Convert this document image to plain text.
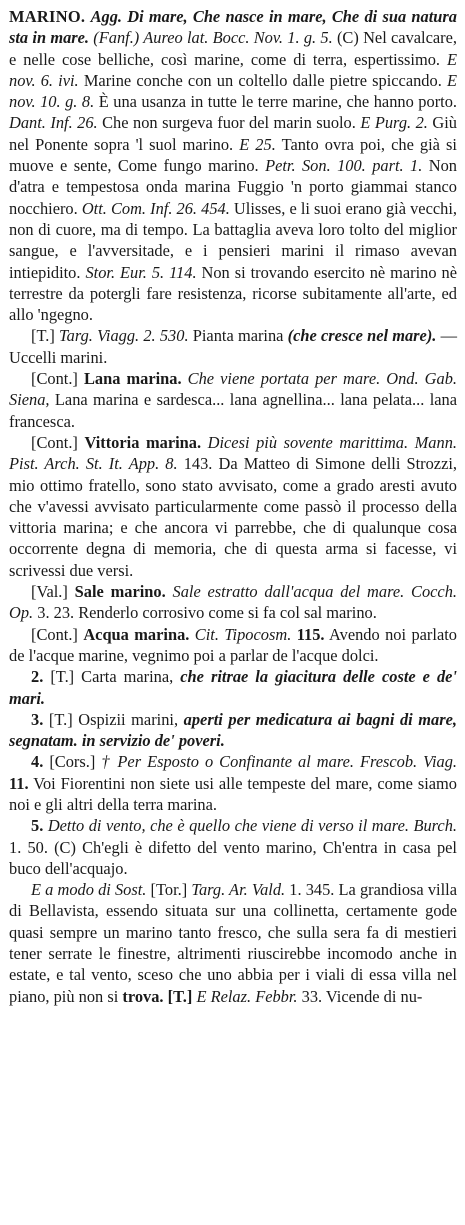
MARINO. Agg. Di mare, Che nasce in mare, Che di sua natura sta in mare. (Fanf.) Aureo lat. Bocc. Nov. 1. g. 5. (C) Nel cavalcare, e nelle cose belliche, così marine, come di terra, espertissimo. E nov. 6. ivi. Marine conche con un coltello dalle pietre spiccando. E nov. 10. g. 8. È una usanza in tutte le terre marine, che hanno porto. Dant. Inf. 26. Che non surgeva fuor del marin suolo. E Purg. 2. Giù nel Ponente sopra 'l suol marino. E 25. Tanto ovra poi, che già si muove e sente, Come fungo marino. Petr. Son. 100. part. 1. Non d'atra e tempestosa onda marina Fuggio 'n porto giammai stanco nocchiero. Ott. Com. Inf. 26. 454. Ulisses, e li suoi erano già vecchi, non di cuore, ma di tempo. La battaglia aveva loro tolto del miglior sangue, e l'avversitade, e i pensieri marini il rimaso avevan intiepidito. Stor. Eur. 5. 114. Non si trovando esercito nè marino nè terrestre da potergli fare resistenza, ricorse subitamente all'arte, ed allo 'ngegno.

[T.] Targ. Viagg. 2. 530. Pianta marina (che cresce nel mare). — Uccelli marini.

[Cont.] Lana marina. Che viene portata per mare. Ond. Gab. Siena, Lana marina e sardesca... lana agnellina... lana pelata... lana francesca.

[Cont.] Vittoria marina. Dicesi più sovente marittima. Mann. Pist. Arch. St. It. App. 8. 143. Da Matteo di Simone delli Strozzi, mio ottimo fratello, sono stato avvisato, come a grado aresti avuto che v'avessi avvisato particularmente come passò il processo della vittoria marina; e che ancora vi parrebbe, che di qualunque cosa occorrente degna di memoria, che di questa arma si facesse, vi scrivessi due versi.

[Val.] Sale marino. Sale estratto dall'acqua del mare. Cocch. Op. 3. 23. Renderlo corrosivo come si fa col sal marino.

[Cont.] Acqua marina. Cit. Tipocosm. 115. Avendo noi parlato de l'acque marine, vegnimo poi a parlar de l'acque dolci.

2. [T.] Carta marina, che ritrae la giacitura delle coste e de' mari.

3. [T.] Ospizii marini, aperti per medicatura ai bagni di mare, segnatam. in servizio de' poveri.

4. [Cors.] † Per Esposto o Confinante al mare. Frescob. Viag. 11. Voi Fiorentini non siete usi alle tempeste del mare, come siamo noi e gli altri della terra marina.

5. Detto di vento, che è quello che viene di verso il mare. Burch. 1. 50. (C) Ch'egli è difetto del vento marino, Ch'entra in casa pel buco dell'acquajo.

E a modo di Sost. [Tor.] Targ. Ar. Vald. 1. 345. La grandiosa villa di Bellavista, essendo situata sur una collinetta, certamente gode quasi sempre un marino tanto fresco, che sulla sera fa di mestieri tener serrate le finestre, altrimenti riuscirebbe incomodo anche in estate, e tal vento, sceso che uno abbia per i viali di essa villa nel piano, più non si trova. [T.] E Relaz. Febbr. 33. Vicende di nu-
